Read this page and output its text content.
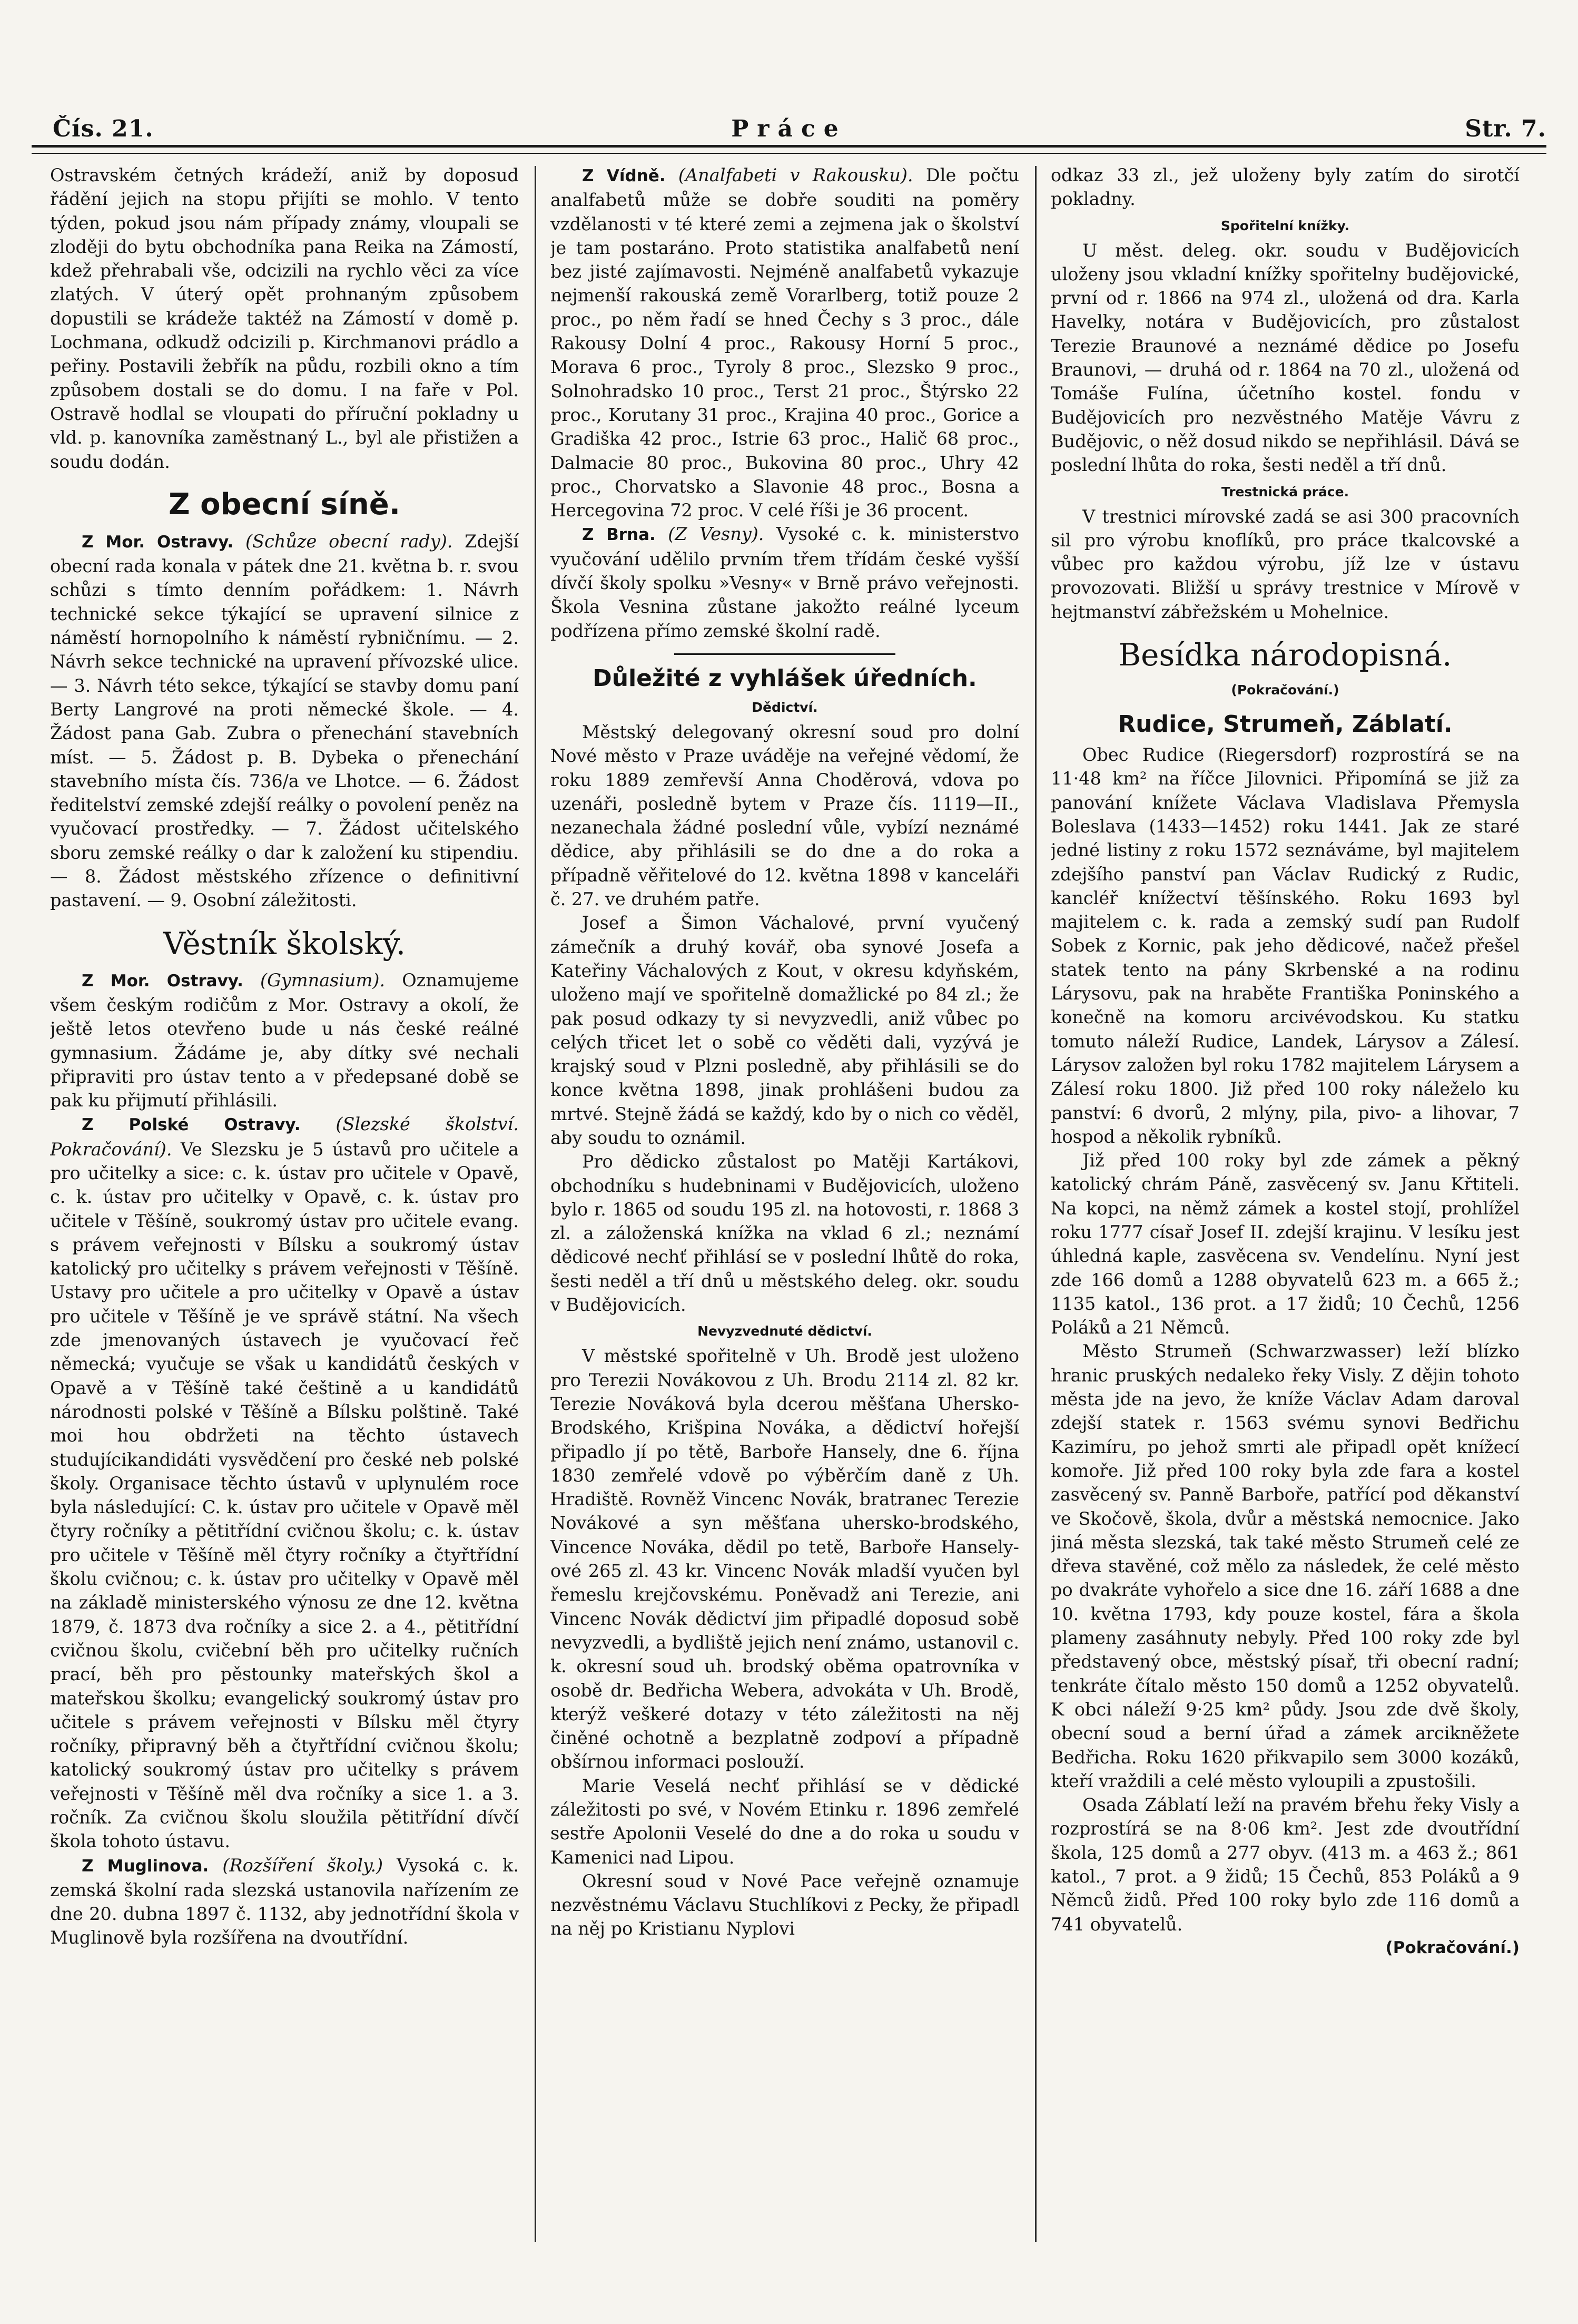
Čís. 21.	Práce	Str. 7.

Ostravském četných krádeží, aniž by doposud řádění jejich na stopu přijíti se mohlo. V tento týden, pokud jsou nám případy známy, vloupali se zloději do bytu obchodníka pana Reika na Zámostí, kdež přehrabali vše, odcizili na rychlo věci za více zlatých. V úterý opět prohnaným způsobem dopustili se krádeže taktéž na Zámostí v domě p. Lochmana, odkudž odcizili p. Kirchmanovi prádlo a peřiny. Postavili žebřík na půdu, rozbili okno a tím způsobem dostali se do domu. I na faře v Pol. Ostravě hodlal se vloupati do příruční pokladny u vld. p. kanovníka zaměstnaný L., byl ale přistižen a soudu dodán.

Z obecní síně.

Z Mor. Ostravy. (Schůze obecní rady). Zdejší obecní rada konala v pátek dne 21. května b. r. svou schůzi s tímto denním pořádkem: 1. Návrh technické sekce týkající se upravení silnice z náměstí hornopolního k náměstí rybničnímu. — 2. Návrh sekce technické na upravení přívozské ulice. — 3. Návrh této sekce, týkající se stavby domu paní Berty Langrové na proti německé škole. — 4. Žádost pana Gab. Zubra o přenechání stavebních míst. — 5. Žádost p. B. Dybeka o přenechání stavebního místa čís. 736/a ve Lhotce. — 6. Žádost ředitelství zemské zdejší reálky o povolení peněz na vyučovací prostředky. — 7. Žádost učitelského sboru zemské reálky o dar k založení ku stipendiu. — 8. Žádost městského zřízence o definitivní pastavení. — 9. Osobní záležitosti.

Věstník školský.

Z Mor. Ostravy. (Gymnasium). Oznamujeme všem českým rodičům z Mor. Ostravy a okolí, že ještě letos otevřeno bude u nás české reálné gymnasium. Žádáme je, aby dítky své nechali připraviti pro ústav tento a v předepsané době se pak ku přijmutí přihlásili.

Z Polské Ostravy. (Slezské školství. Pokračování). Ve Slezsku je 5 ústavů pro učitele a pro učitelky a sice: c. k. ústav pro učitele v Opavě, c. k. ústav pro učitelky v Opavě, c. k. ústav pro učitele v Těšíně, soukromý ústav pro učitele evang. s právem veřejnosti v Bílsku a soukromý ústav katolický pro učitelky s právem veřejnosti v Těšíně. Ustavy pro učitele a pro učitelky v Opavě a ústav pro učitele v Těšíně je ve správě státní. Na všech zde jmenovaných ústavech je vyučovací řeč německá; vyučuje se však u kandidátů českých v Opavě a v Těšíně také češtině a u kandidátů národnosti polské v Těšíně a Bílsku polštině. Také moi hou obdržeti na těchto ústavech studujícikandidáti vysvědčení pro české neb polské školy. Organisace těchto ústavů v uplynulém roce byla následující: C. k. ústav pro učitele v Opavě měl čtyry ročníky a pětitřídní cvičnou školu; c. k. ústav pro učitele v Těšíně měl čtyry ročníky a čtyřtřídní školu cvičnou; c. k. ústav pro učitelky v Opavě měl na základě ministerského výnosu ze dne 12. května 1879, č. 1873 dva ročníky a sice 2. a 4., pětitřídní cvičnou školu, cvičební běh pro učitelky ručních prací, běh pro pěstounky mateřských škol a mateřskou školku; evangelický soukromý ústav pro učitele s právem veřejnosti v Bílsku měl čtyry ročníky, připravný běh a čtyřtřídní cvičnou školu; katolický soukromý ústav pro učitelky s právem veřejnosti v Těšíně měl dva ročníky a sice 1. a 3. ročník. Za cvičnou školu sloužila pětitřídní dívčí škola tohoto ústavu.

Z Muglinova. (Rozšíření školy.) Vysoká c. k. zemská školní rada slezská ustanovila nařízením ze dne 20. dubna 1897 č. 1132, aby jednotřídní škola v Muglinově byla rozšířena na dvoutřídní.

Z Vídně. (Analfabeti v Rakousku). Dle počtu analfabetů může se dobře souditi na poměry vzdělanosti v té které zemi a zejmena jak o školství je tam postaráno. Proto statistika analfabetů není bez jisté zajímavosti. Nejméně analfabetů vykazuje nejmenší rakouská země Vorarlberg, totiž pouze 2 proc., po něm řadí se hned Čechy s 3 proc., dále Rakousy Dolní 4 proc., Rakousy Horní 5 proc., Morava 6 proc., Tyroly 8 proc., Slezsko 9 proc., Solnohradsko 10 proc., Terst 21 proc., Štýrsko 22 proc., Korutany 31 proc., Krajina 40 proc., Gorice a Gradiška 42 proc., Istrie 63 proc., Halič 68 proc., Dalmacie 80 proc., Bukovina 80 proc., Uhry 42 proc., Chorvatsko a Slavonie 48 proc., Bosna a Hercegovina 72 proc. V celé říši je 36 procent.

Z Brna. (Z Vesny). Vysoké c. k. ministerstvo vyučování udělilo prvním třem třídám české vyšší dívčí školy spolku »Vesny« v Brně právo veřejnosti. Škola Vesnina zůstane jakožto reálné lyceum podřízena přímo zemské školní radě.

Důležité z vyhlášek úředních.
Dědictví.

Městský delegovaný okresní soud pro dolní Nové město v Praze uváděje na veřejné vědomí, že roku 1889 zemřevší Anna Choděrová, vdova po uzenáři, posledně bytem v Praze čís. 1119—II., nezanechala žádné poslední vůle, vybízí neznámé dědice, aby přihlásili se do dne a do roka a případně věřitelové do 12. května 1898 v kanceláři č. 27. ve druhém patře.

Josef a Šimon Váchalové, první vyučený zámečník a druhý kovář, oba synové Josefa a Kateřiny Váchalových z Kout, v okresu kdyňském, uloženo mají ve spořitelně domažlické po 84 zl.; že pak posud odkazy ty si nevyzvedli, aniž vůbec po celých třicet let o sobě co věděti dali, vyzývá je krajský soud v Plzni posledně, aby přihlásili se do konce května 1898, jinak prohlášeni budou za mrtvé. Stejně žádá se každý, kdo by o nich co věděl, aby soudu to oznámil.

Pro dědicko zůstalost po Matěji Kartákovi, obchodníku s hudebninami v Budějovicích, uloženo bylo r. 1865 od soudu 195 zl. na hotovosti, r. 1868 3 zl. a záloženská knížka na vklad 6 zl.; neznámí dědicové nechť přihlásí se v poslední lhůtě do roka, šesti neděl a tří dnů u městského deleg. okr. soudu v Budějovicích.

Nevyzvednuté dědictví.

V městské spořitelně v Uh. Brodě jest uloženo pro Terezii Novákovou z Uh. Brodu 2114 zl. 82 kr. Terezie Nováková byla dcerou měšťana Uhersko-Brodského, Krišpina Nováka, a dědictví hořejší připadlo jí po tětě, Barboře Hansely, dne 6. října 1830 zemřelé vdově po výběrčím daně z Uh. Hradiště. Rovněž Vincenc Novák, bratranec Terezie Novákové a syn měšťana uhersko-brodského, Vincence Nováka, dědil po tetě, Barboře Hansely-ové 265 zl. 43 kr. Vincenc Novák mladší vyučen byl řemeslu krejčovskému. Poněvadž ani Terezie, ani Vincenc Novák dědictví jim připadlé doposud sobě nevyzvedli, a bydliště jejich není známo, ustanovil c. k. okresní soud uh. brodský oběma opatrovníka v osobě dr. Bedřicha Webera, advokáta v Uh. Brodě, kterýž veškeré dotazy v této záležitosti na něj činěné ochotně a bezplatně zodpoví a případně obšírnou informaci poslouží.

Marie Veselá nechť přihlásí se v dědické záležitosti po své, v Novém Etinku r. 1896 zemřelé sestře Apolonii Veselé do dne a do roka u soudu v Kamenici nad Lipou.

Okresní soud v Nové Pace veřejně oznamuje nezvěstnému Václavu Stuchlíkovi z Pecky, že připadl na něj po Kristianu Nyplovi

odkaz 33 zl., jež uloženy byly zatím do sirotčí pokladny.

Spořitelní knížky.

U měst. deleg. okr. soudu v Budějovicích uloženy jsou vkladní knížky spořitelny budějovické, první od r. 1866 na 974 zl., uložená od dra. Karla Havelky, notára v Budějovicích, pro zůstalost Terezie Braunové a neznámé dědice po Josefu Braunovi, — druhá od r. 1864 na 70 zl., uložená od Tomáše Fulína, účetního kostel. fondu v Budějovicích pro nezvěstného Matěje Vávru z Budějovic, o něž dosud nikdo se nepřihlásil. Dává se poslední lhůta do roka, šesti neděl a tří dnů.

Trestnická práce.

V trestnici mírovské zadá se asi 300 pracovních sil pro výrobu knoflíků, pro práce tkalcovské a vůbec pro každou výrobu, jíž lze v ústavu provozovati. Bližší u správy trestnice v Mírově v hejtmanství zábřežském u Mohelnice.

Besídka národopisná.
(Pokračování.)
Rudice, Strumeň, Záblatí.

Obec Rudice (Riegersdorf) rozprostírá se na 11·48 km² na říčce Jilovnici. Připomíná se již za panování knížete Václava Vladislava Přemysla Boleslava (1433—1452) roku 1441. Jak ze staré jedné listiny z roku 1572 seznáváme, byl majitelem zdejšího panství pan Václav Rudický z Rudic, kancléř knížectví těšínského. Roku 1693 byl majitelem c. k. rada a zemský sudí pan Rudolf Sobek z Kornic, pak jeho dědicové, načež přešel statek tento na pány Skrbenské a na rodinu Lárysovu, pak na hraběte Františka Poninského a konečně na komoru arcivévodskou. Ku statku tomuto náleží Rudice, Landek, Lárysov a Zálesí. Lárysov založen byl roku 1782 majitelem Lárysem a Zálesí roku 1800. Již před 100 roky náleželo ku panství: 6 dvorů, 2 mlýny, pila, pivo- a lihovar, 7 hospod a několik rybníků.

Již před 100 roky byl zde zámek a pěkný katolický chrám Páně, zasvěcený sv. Janu Křtiteli. Na kopci, na němž zámek a kostel stojí, prohlížel roku 1777 císař Josef II. zdejší krajinu. V lesíku jest úhledná kaple, zasvěcena sv. Vendelínu. Nyní jest zde 166 domů a 1288 obyvatelů 623 m. a 665 ž.; 1135 katol., 136 prot. a 17 židů; 10 Čechů, 1256 Poláků a 21 Němců.

Město Strumeň (Schwarzwasser) leží blízko hranic pruských nedaleko řeky Visly. Z dějin tohoto města jde na jevo, že kníže Václav Adam daroval zdejší statek r. 1563 svému synovi Bedřichu Kazimíru, po jehož smrti ale připadl opět knížecí komoře. Již před 100 roky byla zde fara a kostel zasvěcený sv. Panně Barboře, patřící pod děkanství ve Skočově, škola, dvůr a městská nemocnice. Jako jiná města slezská, tak také město Strumeň celé ze dřeva stavěné, což mělo za následek, že celé město po dvakráte vyhořelo a sice dne 16. září 1688 a dne 10. května 1793, kdy pouze kostel, fára a škola plameny zasáhnuty nebyly. Před 100 roky zde byl představený obce, městský písař, tři obecní radní; tenkráte čítalo město 150 domů a 1252 obyvatelů. K obci náleží 9·25 km² půdy. Jsou zde dvě školy, obecní soud a berní úřad a zámek arcikněžete Bedřicha. Roku 1620 přikvapilo sem 3000 kozáků, kteří vraždili a celé město vyloupili a zpustošili.

Osada Záblatí leží na pravém břehu řeky Visly a rozprostírá se na 8·06 km². Jest zde dvoutřídní škola, 125 domů a 277 obyv. (413 m. a 463 ž.; 861 katol., 7 prot. a 9 židů; 15 Čechů, 853 Poláků a 9 Němců židů. Před 100 roky bylo zde 116 domů a 741 obyvatelů.

(Pokračování.)
